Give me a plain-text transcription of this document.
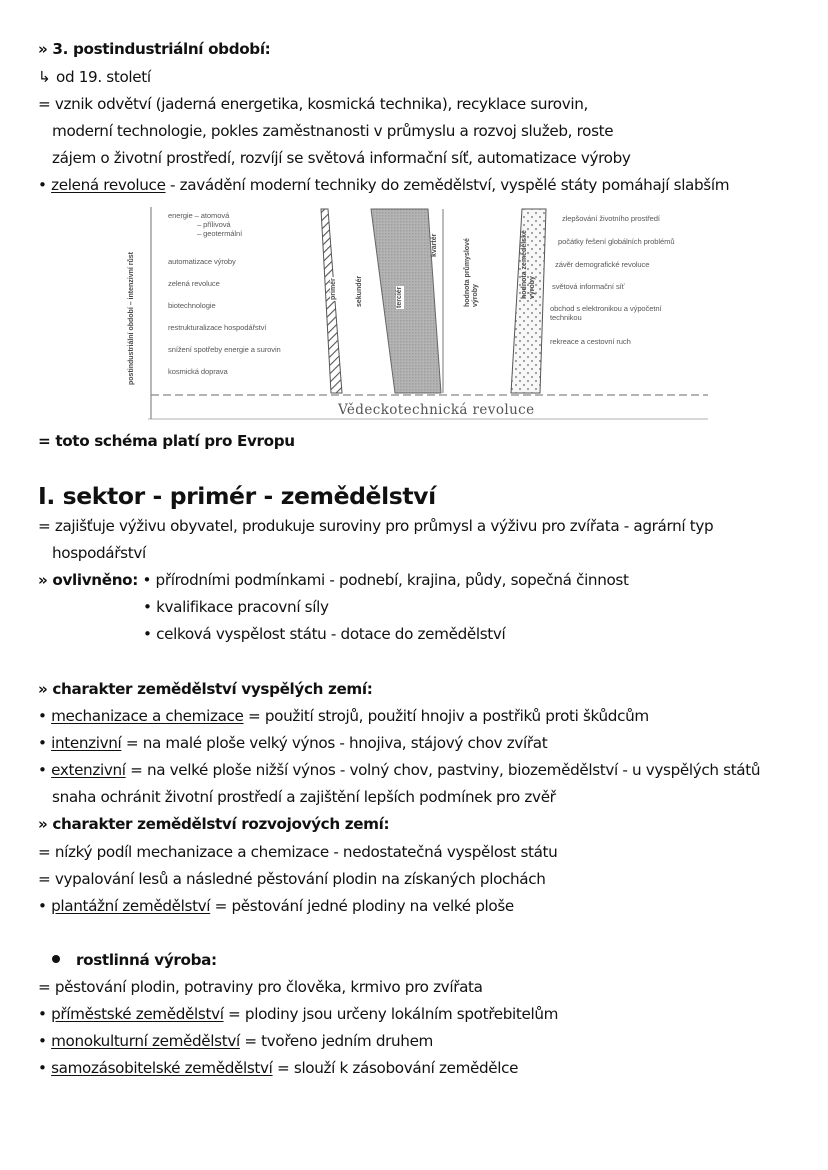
» 3. postindustriální období:
↳ od 19. století
= vznik odvětví (jaderná energetika, kosmická technika), recyklace surovin,
moderní technologie, pokles zaměstnanosti v průmyslu a rozvoj služeb, roste
zájem o životní prostředí, rozvíjí se světová informační síť, automatizace výroby
• zelená revoluce - zavádění moderní techniky do zemědělství, vyspělé státy pomáhají slabším
postindustriální období – intenzivní růst
energie – atomová
– přílivová
– geotermální
automatizace výroby
zelená revoluce
biotechnologie
restrukturalizace hospodářství
snížení spotřeby energie a surovin
kosmická doprava
primér	sekundér	terciér
kvartér	hodnota průmyslové výroby	hodnota zemědělské výroby
zlepšování životního prostředí
počátky řešení globálních problémů
závěr demografické revoluce
světová informační síť
obchod s elektronikou a výpočetní
technikou
rekreace a cestovní ruch
Vědeckotechnická revoluce
= toto schéma platí pro Evropu
I. sektor - primér - zemědělství
= zajišťuje výživu obyvatel, produkuje suroviny pro průmysl a výživu pro zvířata - agrární typ
hospodářství
» ovlivněno: • přírodními podmínkami - podnebí, krajina, půdy, sopečná činnost
• kvalifikace pracovní síly
• celková vyspělost státu - dotace do zemědělství
» charakter zemědělství vyspělých zemí:
• mechanizace a chemizace = použití strojů, použití hnojiv a postřiků proti škůdcům
• intenzivní = na malé ploše velký výnos - hnojiva, stájový chov zvířat
• extenzivní = na velké ploše nižší výnos - volný chov, pastviny, biozemědělství - u vyspělých států
snaha ochránit životní prostředí a zajištění lepších podmínek pro zvěř
» charakter zemědělství rozvojových zemí:
= nízký podíl mechanizace a chemizace - nedostatečná vyspělost státu
= vypalování lesů a následné pěstování plodin na získaných plochách
• plantážní zemědělství = pěstování jedné plodiny na velké ploše
rostlinná výroba:
= pěstování plodin, potraviny pro člověka, krmivo pro zvířata
• příměstské zemědělství = plodiny jsou určeny lokálním spotřebitelům
• monokulturní zemědělství = tvořeno jedním druhem
• samozásobitelské zemědělství = slouží k zásobování zemědělce
